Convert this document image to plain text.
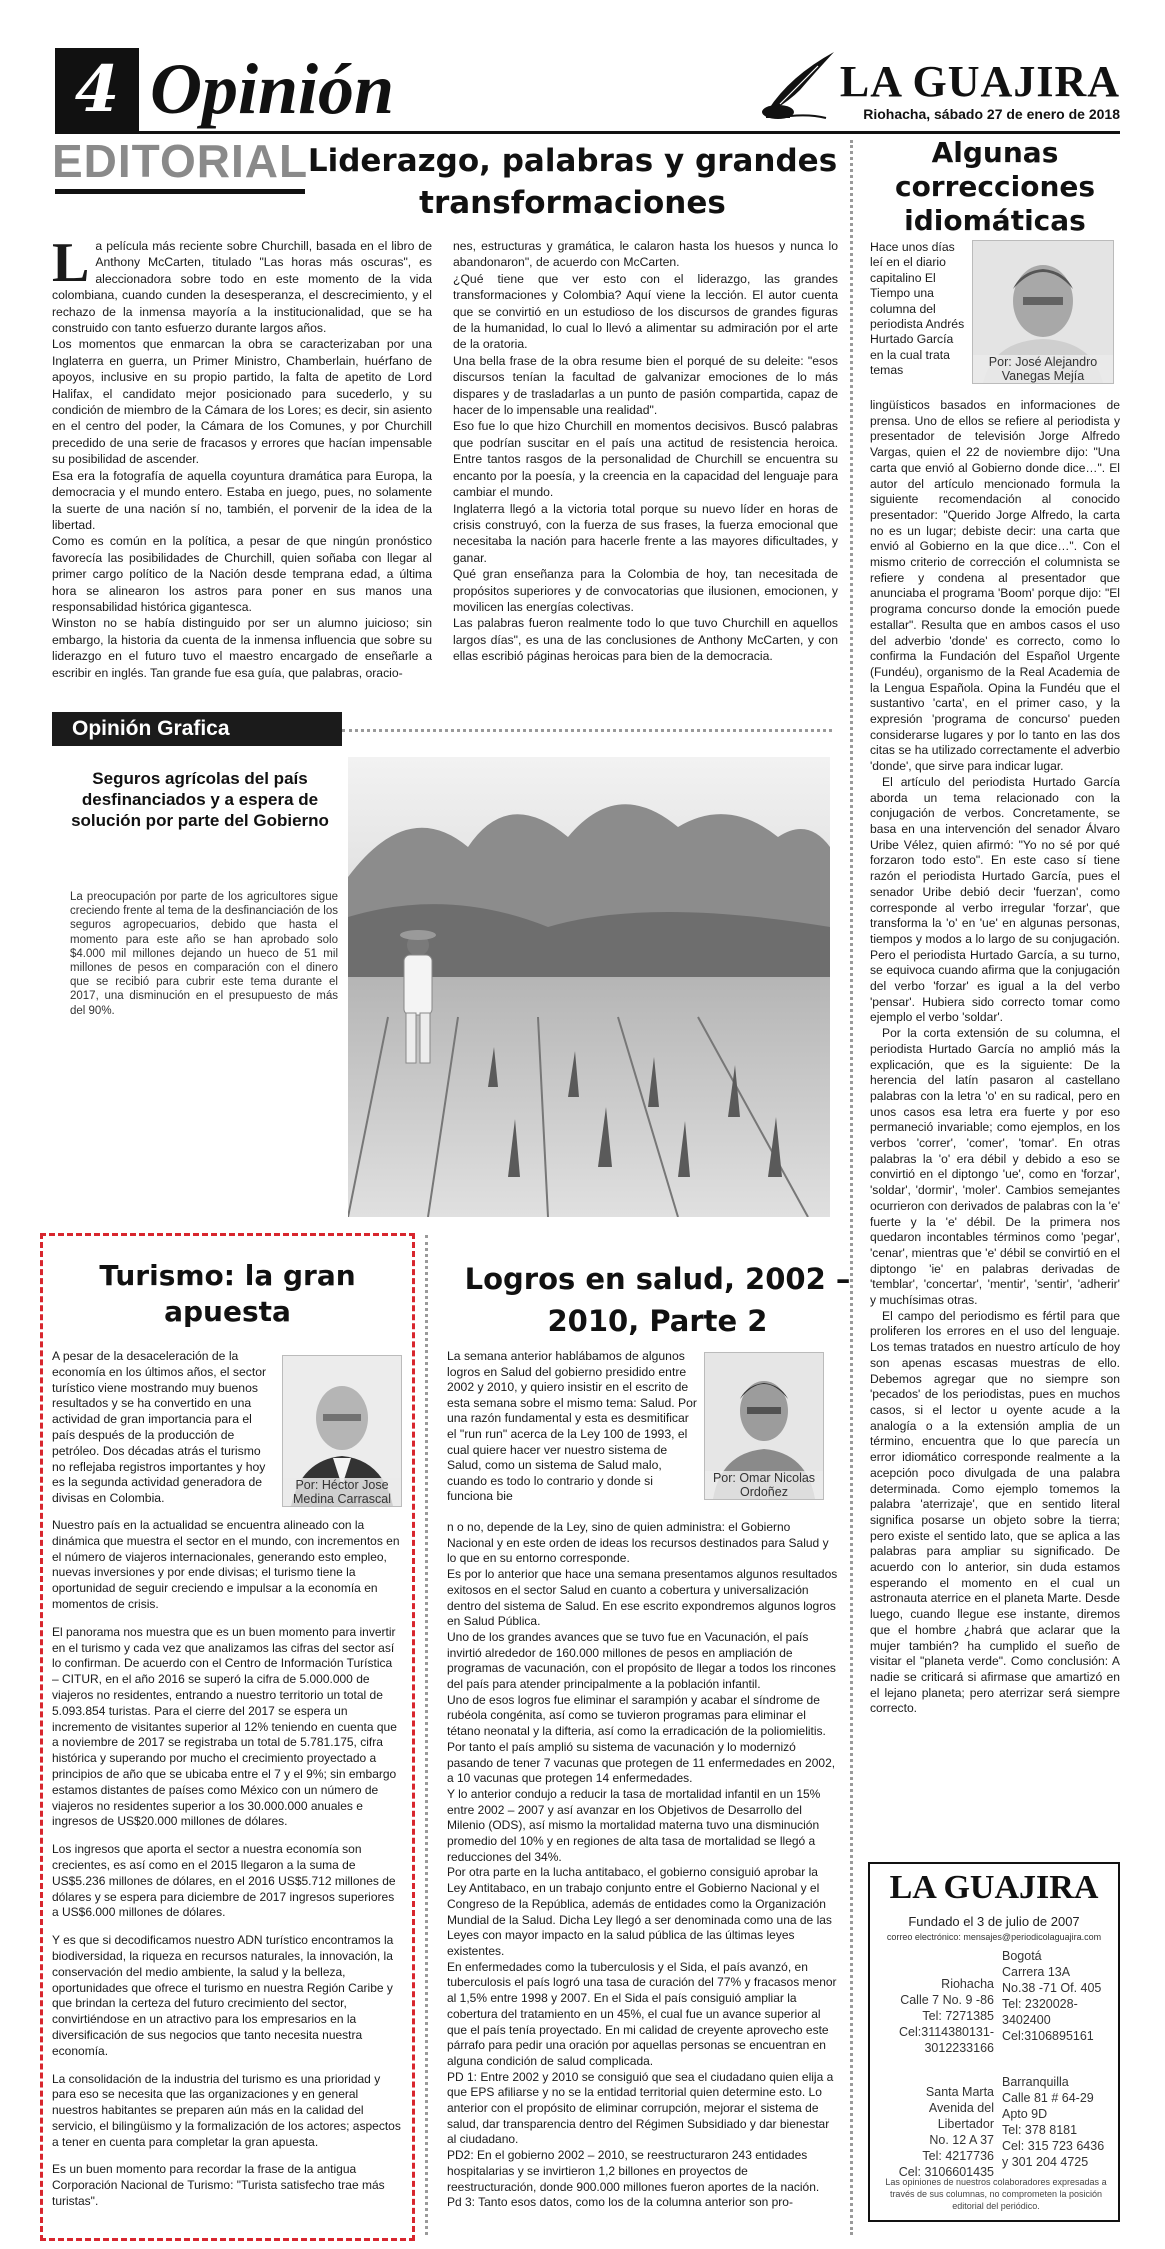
4 Opinión	LA GUAJIRA
Riohacha, sábado 27 de enero de 2018
EDITORIAL Liderazgo, palabras y grandes transformaciones

La película más reciente sobre Churchill, basada en el libro de Anthony McCarten, titulado "Las horas más oscuras", es aleccionadora sobre todo en este momento de la vida colombiana, cuando cunden la desesperanza, el descrecimiento, y el rechazo de la inmensa mayoría a la institucionalidad, que se ha construido con tanto esfuerzo durante largos años.

Los momentos que enmarcan la obra se caracterizaban por una Inglaterra en guerra, un Primer Ministro, Chamberlain, huérfano de apoyos, inclusive en su propio partido, la falta de apetito de Lord Halifax, el candidato mejor posicionado para sucederlo, y su condición de miembro de la Cámara de los Lores; es decir, sin asiento en el centro del poder, la Cámara de los Comunes, y por Churchill precedido de una serie de fracasos y errores que hacían impensable su posibilidad de ascender.

Esa era la fotografía de aquella coyuntura dramática para Europa, la democracia y el mundo entero. Estaba en juego, pues, no solamente la suerte de una nación sí no, también, el porvenir de la idea de la libertad.

Como es común en la política, a pesar de que ningún pronóstico favorecía las posibilidades de Churchill, quien soñaba con llegar al primer cargo político de la Nación desde temprana edad, a última hora se alinearon los astros para poner en sus manos una responsabilidad histórica gigantesca.

Winston no se había distinguido por ser un alumno juicioso; sin embargo, la historia da cuenta de la inmensa influencia que sobre su liderazgo en el futuro tuvo el maestro encargado de enseñarle a escribir en inglés. Tan grande fue esa guía, que palabras, oracio-

nes, estructuras y gramática, le calaron hasta los huesos y nunca lo abandonaron", de acuerdo con McCarten.

¿Qué tiene que ver esto con el liderazgo, las grandes transformaciones y Colombia? Aquí viene la lección. El autor cuenta que se convirtió en un estudioso de los discursos de grandes figuras de la humanidad, lo cual lo llevó a alimentar su admiración por el arte de la oratoria.

Una bella frase de la obra resume bien el porqué de su deleite: "esos discursos tenían la facultad de galvanizar emociones de lo más dispares y de trasladarlas a un punto de pasión compartida, capaz de hacer de lo impensable una realidad".

Eso fue lo que hizo Churchill en momentos decisivos. Buscó palabras que podrían suscitar en el país una actitud de resistencia heroica. Entre tantos rasgos de la personalidad de Churchill se encuentra su encanto por la poesía, y la creencia en la capacidad del lenguaje para cambiar el mundo.

Inglaterra llegó a la victoria total porque su nuevo líder en horas de crisis construyó, con la fuerza de sus frases, la fuerza emocional que necesitaba la nación para hacerle frente a las mayores dificultades, y ganar.

Qué gran enseñanza para la Colombia de hoy, tan necesitada de propósitos superiores y de convocatorias que ilusionen, emocionen, y movilicen las energías colectivas.

Las palabras fueron realmente todo lo que tuvo Churchill en aquellos largos días", es una de las conclusiones de Anthony McCarten, y con ellas escribió páginas heroicas para bien de la democracia.

Algunas correcciones idiomáticas
Hace unos días leí en el diario capitalino El Tiempo una columna del periodista Andrés Hurtado García en la cual trata temas
Por: José Alejandro Vanegas Mejía

lingüísticos basados en informaciones de prensa. Uno de ellos se refiere al periodista y presentador de televisión Jorge Alfredo Vargas, quien el 22 de noviembre dijo: "Una carta que envió al Gobierno donde dice…". El autor del artículo mencionado formula la siguiente recomendación al conocido presentador: "Querido Jorge Alfredo, la carta no es un lugar; debiste decir: una carta que envió al Gobierno en la que dice…". Con el mismo criterio de corrección el columnista se refiere y condena al presentador que anunciaba el programa 'Boom' porque dijo: "El programa concurso donde la emoción puede estallar". Resulta que en ambos casos el uso del adverbio 'donde' es correcto, como lo confirma la Fundación del Español Urgente (Fundéu), organismo de la Real Academia de la Lengua Española. Opina la Fundéu que el sustantivo 'carta', en el primer caso, y la expresión 'programa de concurso' pueden considerarse lugares y por lo tanto en las dos citas se ha utilizado correctamente el adverbio 'donde', que sirve para indicar lugar.

El artículo del periodista Hurtado García aborda un tema relacionado con la conjugación de verbos. Concretamente, se basa en una intervención del senador Álvaro Uribe Vélez, quien afirmó: "Yo no sé por qué forzaron todo esto". En este caso sí tiene razón el periodista Hurtado García, pues el senador Uribe debió decir 'fuerzan', como corresponde al verbo irregular 'forzar', que transforma la 'o' en 'ue' en algunas personas, tiempos y modos a lo largo de su conjugación. Pero el periodista Hurtado García, a su turno, se equivoca cuando afirma que la conjugación del verbo 'forzar' es igual a la del verbo 'pensar'. Hubiera sido correcto tomar como ejemplo el verbo 'soldar'.

Por la corta extensión de su columna, el periodista Hurtado García no amplió más la explicación, que es la siguiente: De la herencia del latín pasaron al castellano palabras con la letra 'o' en su radical, pero en unos casos esa letra era fuerte y por eso permaneció invariable; como ejemplos, en los verbos 'correr', 'comer', 'tomar'. En otras palabras la 'o' era débil y debido a eso se convirtió en el diptongo 'ue', como en 'forzar', 'soldar', 'dormir', 'moler'. Cambios semejantes ocurrieron con derivados de palabras con la 'e' fuerte y la 'e' débil. De la primera nos quedaron incontables términos como 'pegar', 'cenar', mientras que 'e' débil se convirtió en el diptongo 'ie' en palabras derivadas de 'temblar', 'concertar', 'mentir', 'sentir', 'adherir' y muchísimas otras.

El campo del periodismo es fértil para que proliferen los errores en el uso del lenguaje. Los temas tratados en nuestro artículo de hoy son apenas escasas muestras de ello. Debemos agregar que no siempre son 'pecados' de los periodistas, pues en muchos casos, si el lector u oyente acude a la analogía o a la extensión amplia de un término, encuentra que lo que parecía un error idiomático corresponde realmente a la acepción poco divulgada de una palabra determinada. Como ejemplo tomemos la palabra 'aterrizaje', que en sentido literal significa posarse un objeto sobre la tierra; pero existe el sentido lato, que se aplica a las palabras para ampliar su significado. De acuerdo con lo anterior, sin duda estamos esperando el momento en el cual un astronauta aterrice en el planeta Marte. Desde luego, cuando llegue ese instante, diremos que el hombre ¿habrá que aclarar que la mujer también? ha cumplido el sueño de visitar el "planeta verde". Como conclusión: A nadie se criticará si afirmase que amartizó en el lejano planeta; pero aterrizar será siempre correcto.

Opinión Grafica
Seguros agrícolas del país desfinanciados y a espera de solución por parte del Gobierno
La preocupación por parte de los agricultores sigue creciendo frente al tema de la desfinanciación de los seguros agropecuarios, debido que hasta el momento para este año se han aprobado solo $4.000 mil millones dejando un hueco de 51 mil millones de pesos en comparación con el dinero que se recibió para cubrir este tema durante el 2017, una disminución en el presupuesto de más del 90%.
Turismo: la gran apuesta
A pesar de la desaceleración de la economía en los últimos años, el sector turístico viene mostrando muy buenos resultados y se ha convertido en una actividad de gran importancia para el país después de la producción de petróleo. Dos décadas atrás el turismo no reflejaba registros importantes y hoy es la segunda actividad generadora de divisas en Colombia.
Por: Héctor Jose Medina Carrascal

Nuestro país en la actualidad se encuentra alineado con la dinámica que muestra el sector en el mundo, con incrementos en el número de viajeros internacionales, generando esto empleo, nuevas inversiones y por ende divisas; el turismo tiene la oportunidad de seguir creciendo e impulsar a la economía en momentos de crisis.

El panorama nos muestra que es un buen momento para invertir en el turismo y cada vez que analizamos las cifras del sector así lo confirman. De acuerdo con el Centro de Información Turística – CITUR, en el año 2016 se superó la cifra de 5.000.000 de viajeros no residentes, entrando a nuestro territorio un total de 5.093.854 turistas. Para el cierre del 2017 se espera un incremento de visitantes superior al 12% teniendo en cuenta que a noviembre de 2017 se registraba un total de 5.781.175, cifra histórica y superando por mucho el crecimiento proyectado a principios de año que se ubicaba entre el 7 y el 9%; sin embargo estamos distantes de países como México con un número de viajeros no residentes superior a los 30.000.000 anuales e ingresos de US$20.000 millones de dólares.

Los ingresos que aporta el sector a nuestra economía son crecientes, es así como en el 2015 llegaron a la suma de US$5.236 millones de dólares, en el 2016 US$5.712 millones de dólares y se espera para diciembre de 2017 ingresos superiores a US$6.000 millones de dólares.

Y es que si decodificamos nuestro ADN turístico encontramos la biodiversidad, la riqueza en recursos naturales, la innovación, la conservación del medio ambiente, la salud y la belleza, oportunidades que ofrece el turismo en nuestra Región Caribe y que brindan la certeza del futuro crecimiento del sector, convirtiéndose en un atractivo para los empresarios en la diversificación de sus negocios que tanto necesita nuestra economía.

La consolidación de la industria del turismo es una prioridad y para eso se necesita que las organizaciones y en general nuestros habitantes se preparen aún más en la calidad del servicio, el bilingüismo y la formalización de los actores; aspectos a tener en cuenta para completar la gran apuesta.

Es un buen momento para recordar la frase de la antigua Corporación Nacional de Turismo: "Turista satisfecho trae más turistas".

Logros en salud, 2002 – 2010, Parte 2
La semana anterior hablábamos de algunos logros en Salud del gobierno presidido entre 2002 y 2010, y quiero insistir en el escrito de esta semana sobre el mismo tema: Salud. Por una razón fundamental y esta es desmitificar el "run run" acerca de la Ley 100 de 1993, el cual quiere hacer ver nuestro sistema de Salud, como un sistema de Salud malo, cuando es todo lo contrario y donde si funciona bie
Por: Omar Nicolas Ordoñez

n o no, depende de la Ley, sino de quien administra: el Gobierno Nacional y en este orden de ideas los recursos destinados para Salud y lo que en su entorno corresponde.

Es por lo anterior que hace una semana presentamos algunos resultados exitosos en el sector Salud en cuanto a cobertura y universalización dentro del sistema de Salud. En ese escrito expondremos algunos logros en Salud Pública.

Uno de los grandes avances que se tuvo fue en Vacunación, el país invirtió alrededor de 160.000 millones de pesos en ampliación de programas de vacunación, con el propósito de llegar a todos los rincones del país para atender principalmente a la población infantil.

Uno de esos logros fue eliminar el sarampión y acabar el síndrome de rubéola congénita, así como se tuvieron programas para eliminar el tétano neonatal y la difteria, así como la erradicación de la poliomielitis. Por tanto el país amplió su sistema de vacunación y lo modernizó pasando de tener 7 vacunas que protegen de 11 enfermedades en 2002, a 10 vacunas que protegen 14 enfermedades.

Y lo anterior condujo a reducir la tasa de mortalidad infantil en un 15% entre 2002 – 2007 y así avanzar en los Objetivos de Desarrollo del Milenio (ODS), así mismo la mortalidad materna tuvo una disminución promedio del 10% y en regiones de alta tasa de mortalidad se llegó a reducciones del 34%.

Por otra parte en la lucha antitabaco, el gobierno consiguió aprobar la Ley Antitabaco, en un trabajo conjunto entre el Gobierno Nacional y el Congreso de la República, además de entidades como la Organización Mundial de la Salud. Dicha Ley llegó a ser denominada como una de las Leyes con mayor impacto en la salud pública de las últimas leyes existentes.

En enfermedades como la tuberculosis y el Sida, el país avanzó, en tuberculosis el país logró una tasa de curación del 77% y fracasos menor al 1,5% entre 1998 y 2007. En el Sida el país consiguió ampliar la cobertura del tratamiento en un 45%, el cual fue un avance superior al que el país tenía proyectado. En mi calidad de creyente aprovecho este párrafo para pedir una oración por aquellas personas se encuentran en alguna condición de salud complicada.

PD 1: Entre 2002 y 2010 se consiguió que sea el ciudadano quien elija a que EPS afiliarse y no se la entidad territorial quien determine esto. Lo anterior con el propósito de eliminar corrupción, mejorar el sistema de salud, dar transparencia dentro del Régimen Subsidiado y dar bienestar al ciudadano.

PD2: En el gobierno 2002 – 2010, se reestructuraron 243 entidades hospitalarias y se invirtieron 1,2 billones en proyectos de reestructuración, donde 900.000 millones fueron aportes de la nación.

Pd 3: Tanto esos datos, como los de la columna anterior son pro-

LA GUAJIRA
Fundado el 3 de julio de 2007
correo electrónico: mensajes@periodicolaguajira.com
Riohacha
Calle 7 No. 9 -86
Tel: 7271385
Cel:3114380131-
3012233166
Bogotá
Carrera 13A
No.38 -71 Of. 405
Tel: 2320028-
3402400
Cel:3106895161
Santa Marta
Avenida del
Libertador
No. 12 A 37
Tel: 4217736
Cel: 3106601435
Barranquilla
Calle 81 # 64-29
Apto 9D
Tel: 378 8181
Cel: 315 723 6436
y 301 204 4725
Las opiniones de nuestros colaboradores expresadas a través de sus columnas, no comprometen la posición editorial del periódico.
